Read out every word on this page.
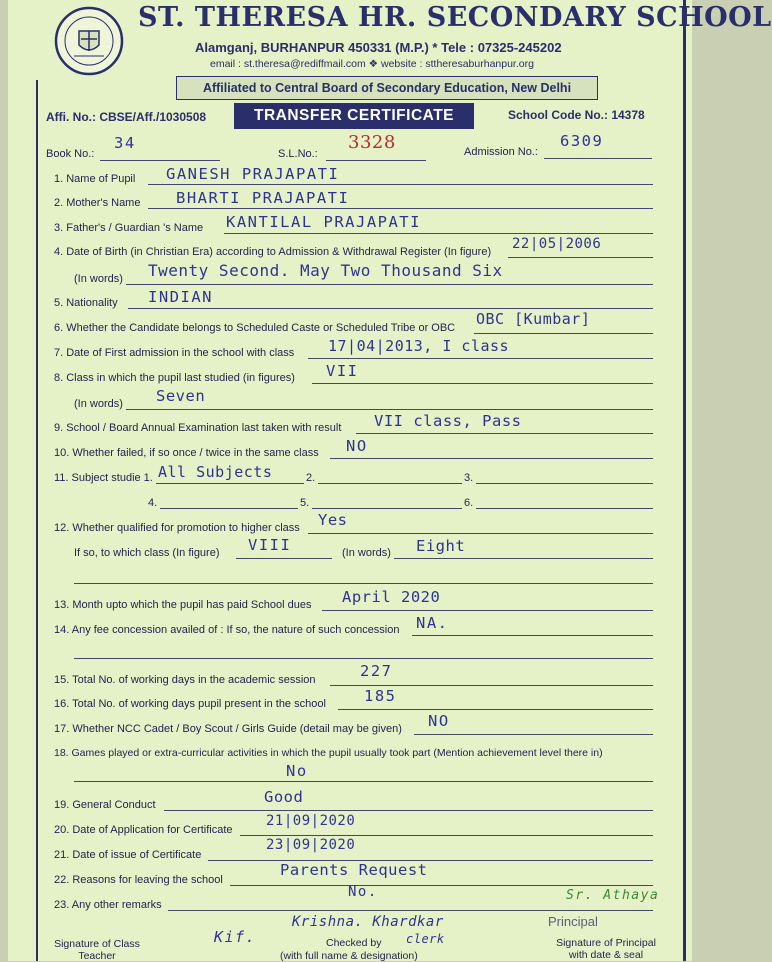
ST. THERESA HR. SECONDARY SCHOOL
Alamganj, BURHANPUR 450331 (M.P.) * Tele : 07325-245202
email : st.theresa@rediffmail.com ❖ website : sttheresaburhanpur.org
Affiliated to Central Board of Secondary Education, New Delhi
Affi. No.: CBSE/Aff./1030508	TRANSFER CERTIFICATE	School Code No.: 14378
Book No.:
34
S.L.No.:
3328	Admission No.:
6309
1. Name of Pupil GANESH PRAJAPATI
2. Mother's Name BHARTI PRAJAPATI
3. Father's / Guardian 's Name KANTILAL PRAJAPATI
4. Date of Birth (in Christian Era) according to Admission & Withdrawal Register (In figure) 22|05|2006
(In words) Twenty Second. May Two Thousand Six
5. Nationality INDIAN
6. Whether the Candidate belongs to Scheduled Caste or Scheduled Tribe or OBC OBC [Kumbar]
7. Date of First admission in the school with class 17|04|2013, I class
8. Class in which the pupil last studied (in figures) VII
(In words) Seven
9. School / Board Annual Examination last taken with result VII class, Pass
10. Whether failed, if so once / twice in the same class NO
11. Subject studie 1. All Subjects	2.	3.
4.	5.	6.
12. Whether qualified for promotion to higher class Yes
If so, to which class (In figure) VIII	(In words) Eight
13. Month upto which the pupil has paid School dues April 2020
14. Any fee concession availed of : If so, the nature of such concession NA.
15. Total No. of working days in the academic session	227
16. Total No. of working days pupil present in the school 185
17. Whether NCC Cadet / Boy Scout / Girls Guide (detail may be given) NO
18. Games played or extra-curricular activities in which the pupil usually took part (Mention achievement level there in)
No
19. General Conduct	Good
20. Date of Application for Certificate
21|09|2020
21. Date of issue of Certificate
23|09|2020
22. Reasons for leaving the school
Parents Request
23. Any other remarks
No.
Kif.
Signature of Class Teacher
Krishna. Khardkar
Checked by clerk
(with full name & designation)
Sr. Athaya
Principal
Signature of Principal with date & seal
